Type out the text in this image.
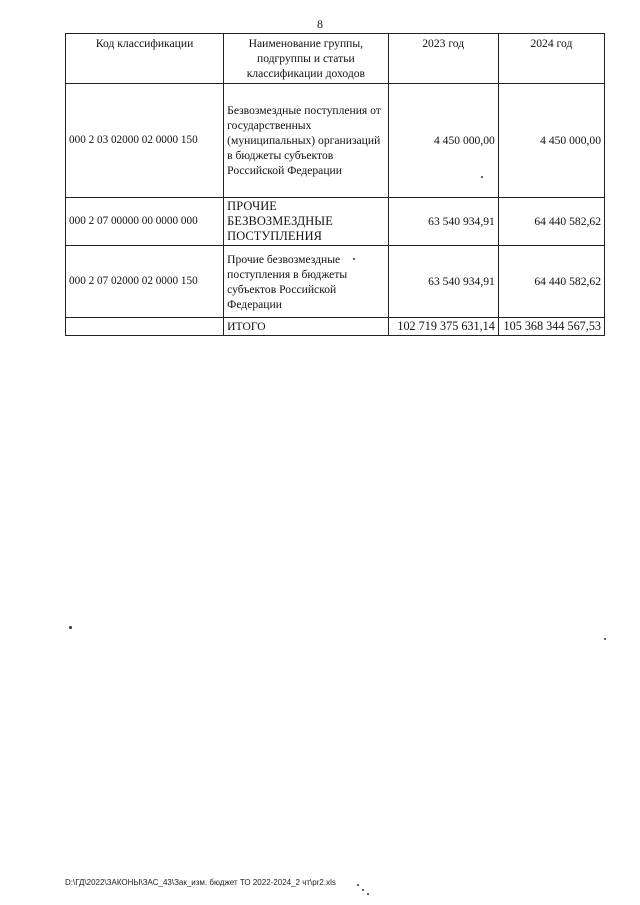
8
Код классификации	Наименование группы, подгруппы и статьи классификации доходов	2023 год	2024 год
000 2 03 02000 02 0000 150	Безвозмездные поступления от государственных (муниципальных) организаций в бюджеты субъектов Российской Федерации	4 450 000,00	4 450 000,00
000 2 07 00000 00 0000 000	ПРОЧИЕ БЕЗВОЗМЕЗДНЫЕ ПОСТУПЛЕНИЯ	63 540 934,91	64 440 582,62
000 2 07 02000 02 0000 150	Прочие безвозмездные поступления в бюджеты субъектов Российской Федерации	63 540 934,91	64 440 582,62
	ИТОГО	102 719 375 631,14	105 368 344 567,53
D:\ГД\2022\ЗАКОНЫ\ЗАС_43\Зак_изм. бюджет ТО 2022-2024_2 чт\pr2.xls
